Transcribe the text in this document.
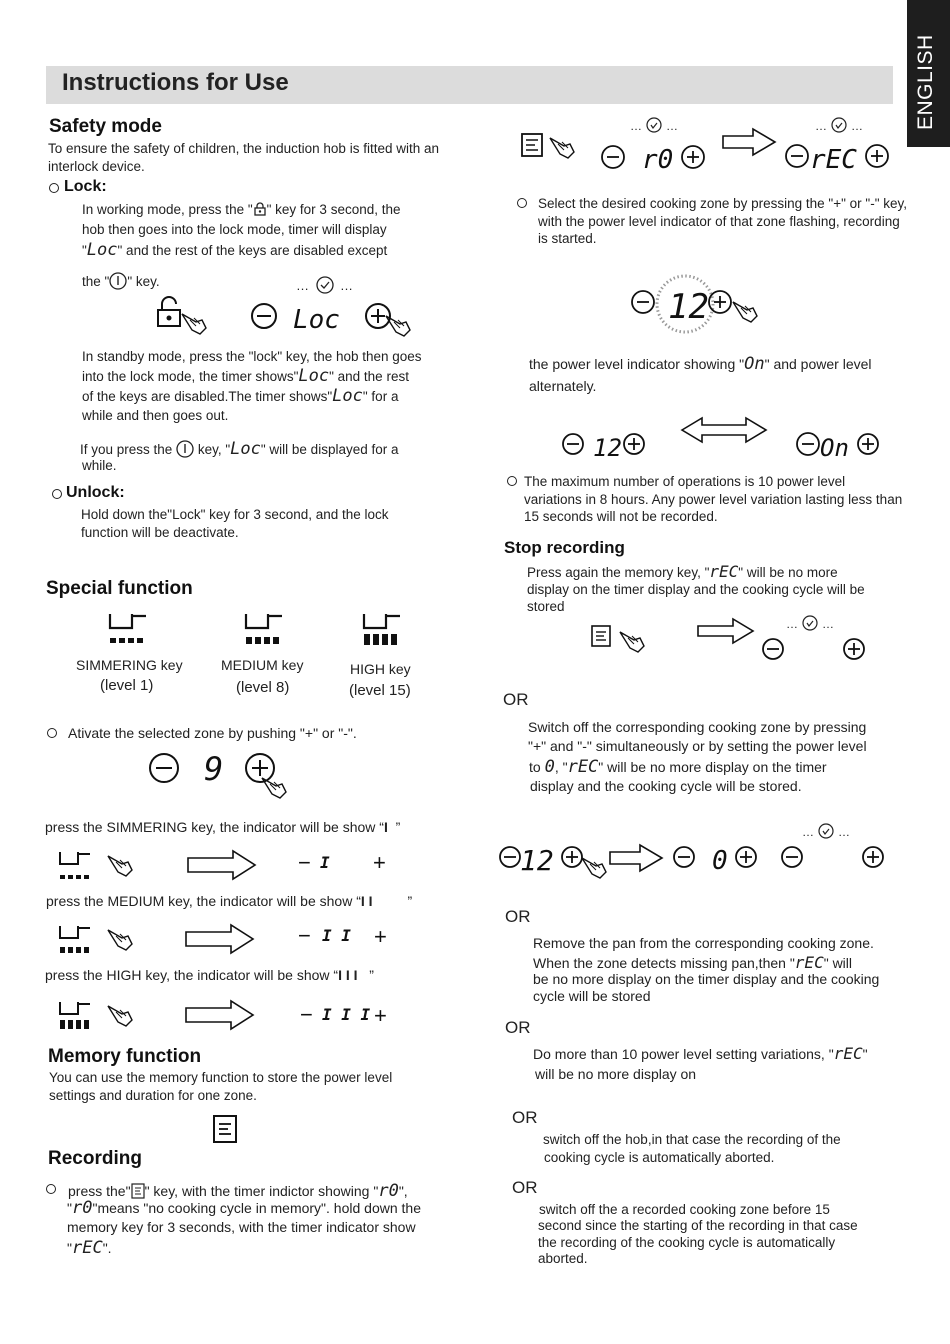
Instructions for Use	ENGLISH
Safety mode
To ensure the safety of children, the induction hob is fitted with an interlock device.
Lock:
In working mode, press the " " key for 3 second, the
hob then goes into the lock mode, timer will display
"Loc" and the rest of the keys are disabled except
the " " key.	… …
Loc
In standby mode, press the "lock" key, the hob then goes
into the lock mode, the timer shows"Loc" and the rest
of the keys are disabled.The timer shows"Loc" for a
while and then goes out.
If you press the key, "Loc" will be displayed for a
while.
Unlock:
Hold down the"Lock" key for 3 second, and the lock
function will be deactivate.
Special function
SIMMERING key
(level 1)
MEDIUM key
(level 8)
HIGH key
(level 15)
Ativate the selected zone by pushing "+" or "-".
9
press the SIMMERING key, the indicator will be show “I ”
− I +
press the MEDIUM key, the indicator will be show “I I	”
− I I +
press the HIGH key, the indicator will be show “I I I ”
− I I I +
Memory function
You can use the memory function to store the power level settings and duration for one zone.
Recording
press the" " key, with the timer indictor showing "r0",
"r0"means "no cooking cycle in memory". hold down the
memory key for 3 seconds, with the timer indicator show
"rEC".
… …	… …
r0	rEC
Select the desired cooking zone by pressing the "+" or "-" key, with the power level indicator of that zone flashing, recording is started.
12
the power level indicator showing "On" and power level
alternately.
12	On
The maximum number of operations is 10 power level variations in 8 hours. Any power level variation lasting less than 15 seconds will not be recorded.
Stop recording
Press again the memory key, "rEC" will be no more
display on the timer display and the cooking cycle will be
stored
… …
OR
Switch off the corresponding cooking zone by pressing
"+" and "-" simultaneously or by setting the power level
to 0, "rEC" will be no more display on the timer
display and the cooking cycle will be stored.
… …
12	0
OR
Remove the pan from the corresponding cooking zone.
When the zone detects missing pan,then "rEC" will
be no more display on the timer display and the cooking
cycle will be stored
OR
Do more than 10 power level setting variations, "rEC"
will be no more display on
OR
switch off the hob,in that case the recording of the
cooking cycle is automatically aborted.
OR
switch off the a recorded cooking zone before 15
second since the starting of the recording in that case
the recording of the cooking cycle is automatically
aborted.
